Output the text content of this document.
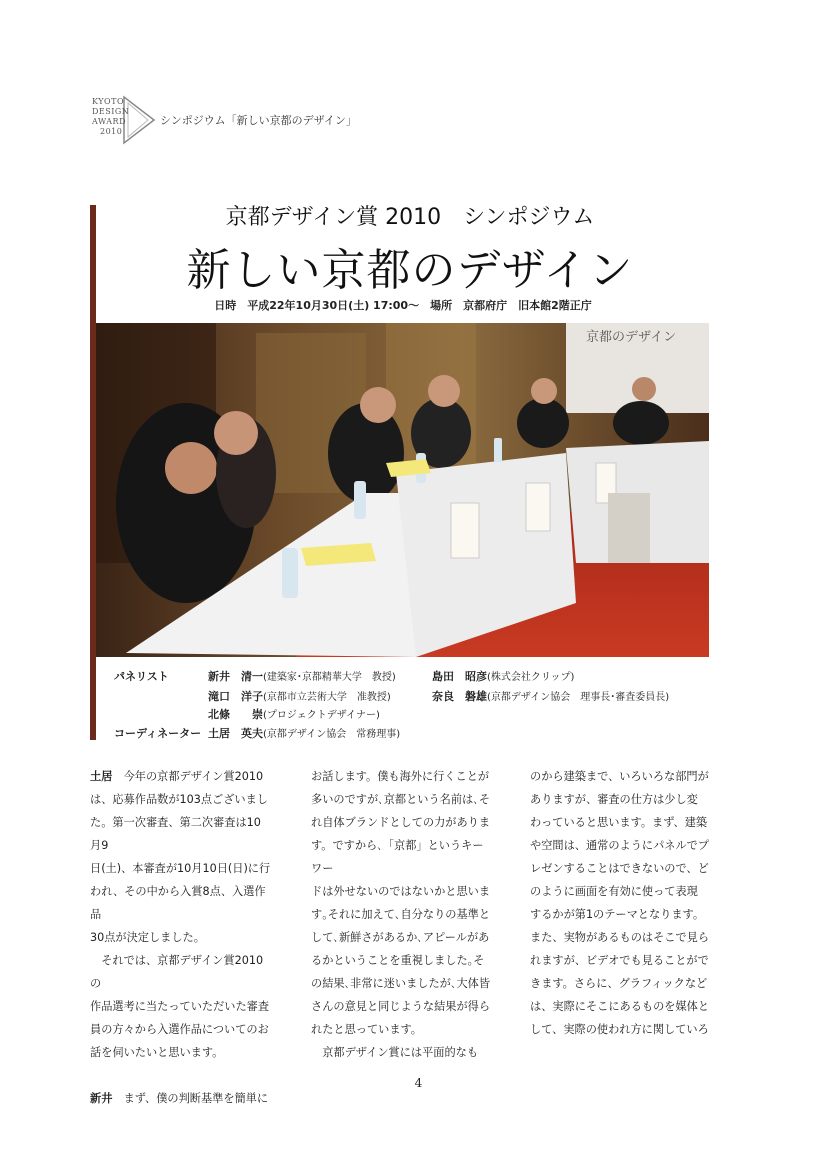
KYOTO
DESIGN
AWARD
2010
シンポジウム「新しい京都のデザイン」
京都デザイン賞 2010　シンポジウム
新しい京都のデザイン
日時　平成22年10月30日(土) 17:00～　場所　京都府庁　旧本館2階正庁
京都のデザイン
パネリスト	新井　清一(建築家･京都精華大学　教授)	島田　昭彦(株式会社クリップ)
滝口　洋子(京都市立芸術大学　准教授)	奈良　磐雄(京都デザイン協会　理事長･審査委員長)
北條　　崇(プロジェクトデザイナー)
コーディネーター 土居　英夫(京都デザイン協会　常務理事)

土居　今年の京都デザイン賞2010

は、応募作品数が103点ございまし

た。第一次審査、第二次審査は10月9

日(土)、本審査が10月10日(日)に行

われ、その中から入賞8点、入選作品

30点が決定しました。

　それでは、京都デザイン賞2010の

作品選考に当たっていただいた審査

員の方々から入選作品についてのお

話を伺いたいと思います。

新井　まず、僕の判断基準を簡単に

お話します。僕も海外に行くことが

多いのですが､京都という名前は､そ

れ自体ブランドとしての力がありま

す。ですから､「京都」というキーワー

ドは外せないのではないかと思いま

す｡それに加えて､自分なりの基準と

して､新鮮さがあるか､アピールがあ

るかということを重視しました｡そ

の結果､非常に迷いましたが､大体皆

さんの意見と同じような結果が得ら

れたと思っています。

　京都デザイン賞には平面的なも

のから建築まで、いろいろな部門が

ありますが、審査の仕方は少し変

わっていると思います。まず、建築

や空間は、通常のようにパネルでプ

レゼンすることはできないので、ど

のように画面を有効に使って表現

するかが第1のテーマとなります。

また、実物があるものはそこで見ら

れますが、ビデオでも見ることがで

きます。さらに、グラフィックなど

は、実際にそこにあるものを媒体と

して、実際の使われ方に関していろ

4
